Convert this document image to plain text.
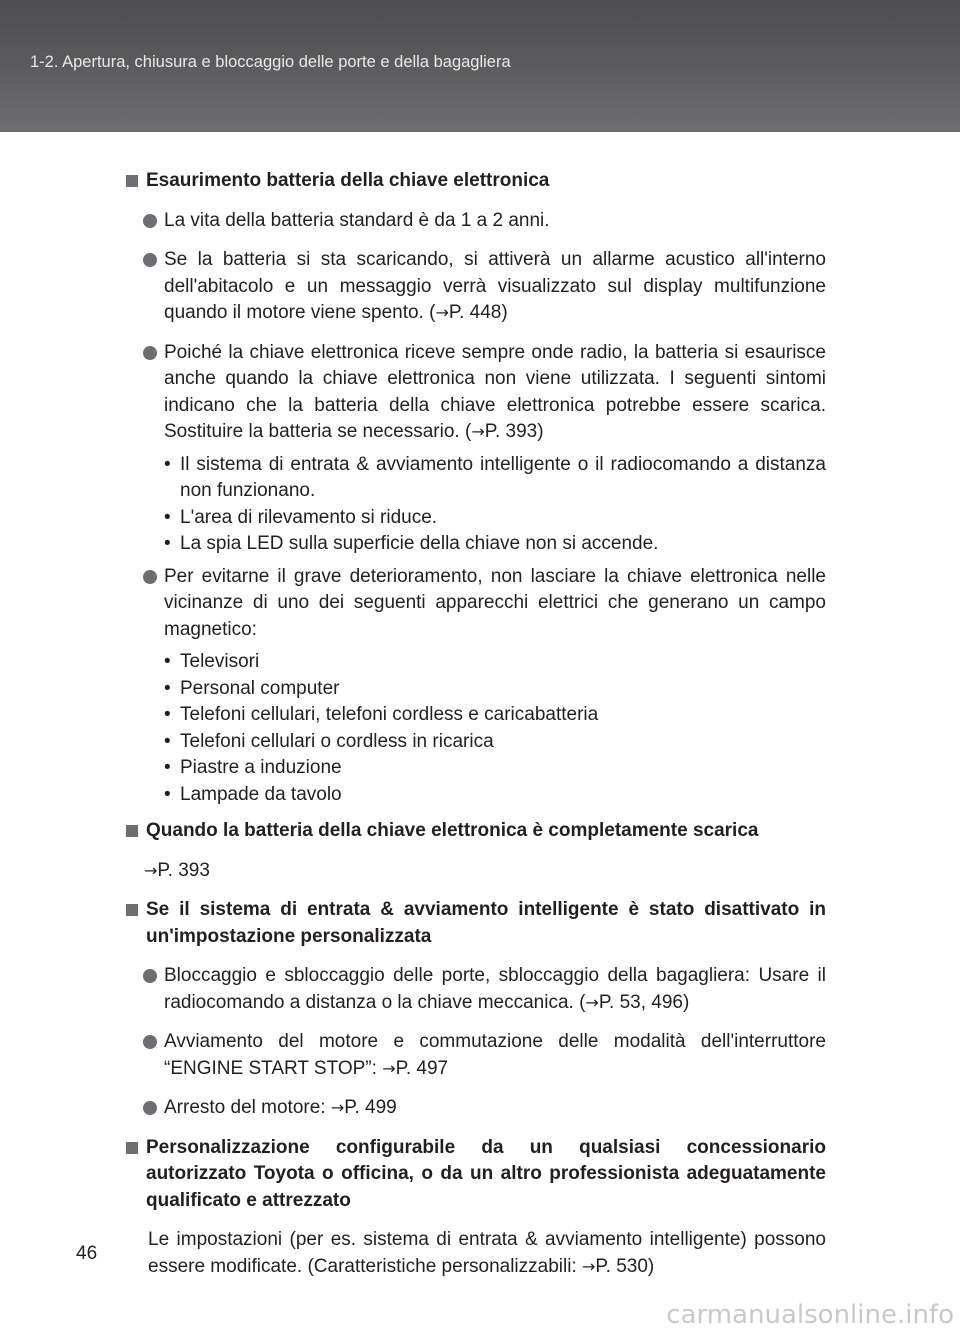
1-2. Apertura, chiusura e bloccaggio delle porte e della bagagliera
Esaurimento batteria della chiave elettronica
La vita della batteria standard è da 1 a 2 anni.
Se la batteria si sta scaricando, si attiverà un allarme acustico all'interno dell'abitacolo e un messaggio verrà visualizzato sul display multifunzione quando il motore viene spento. (→P. 448)
Poiché la chiave elettronica riceve sempre onde radio, la batteria si esaurisce anche quando la chiave elettronica non viene utilizzata. I seguenti sintomi indicano che la batteria della chiave elettronica potrebbe essere scarica. Sostituire la batteria se necessario. (→P. 393)
• Il sistema di entrata & avviamento intelligente o il radiocomando a distanza non funzionano.
• L'area di rilevamento si riduce.
• La spia LED sulla superficie della chiave non si accende.
Per evitarne il grave deterioramento, non lasciare la chiave elettronica nelle vicinanze di uno dei seguenti apparecchi elettrici che generano un campo magnetico:
• Televisori
• Personal computer
• Telefoni cellulari, telefoni cordless e caricabatteria
• Telefoni cellulari o cordless in ricarica
• Piastre a induzione
• Lampade da tavolo
Quando la batteria della chiave elettronica è completamente scarica
→P. 393
Se il sistema di entrata & avviamento intelligente è stato disattivato in un'impostazione personalizzata
Bloccaggio e sbloccaggio delle porte, sbloccaggio della bagagliera: Usare il radiocomando a distanza o la chiave meccanica. (→P. 53, 496)
Avviamento del motore e commutazione delle modalità dell'interruttore “ENGINE START STOP”: →P. 497
Arresto del motore: →P. 499
Personalizzazione configurabile da un qualsiasi concessionario autorizzato Toyota o officina, o da un altro professionista adeguatamente qualificato e attrezzato
Le impostazioni (per es. sistema di entrata & avviamento intelligente) possono essere modificate. (Caratteristiche personalizzabili: →P. 530)
46
carmanualsonline.info
